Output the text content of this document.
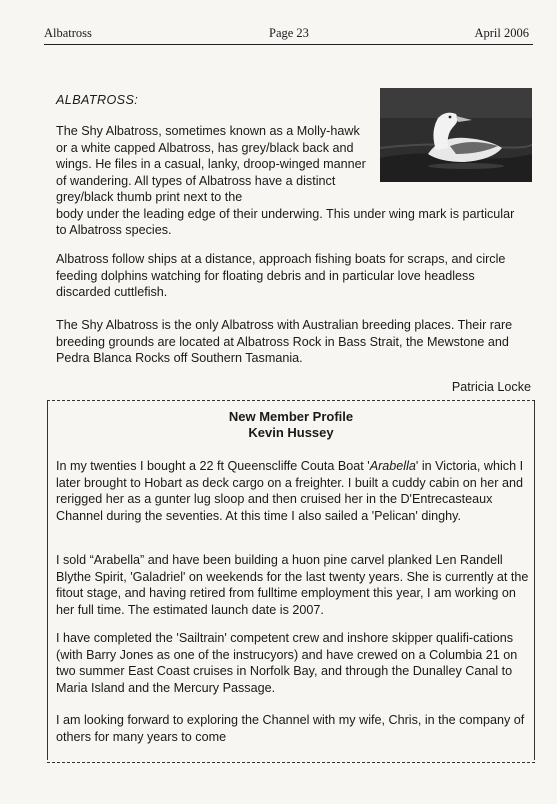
Albatross	Page 23	April 2006
ALBATROSS:
The Shy Albatross, sometimes known as a Molly-hawk or a white capped Albatross, has grey/black back and wings. He files in a casual, lanky, droop-winged manner of wandering. All types of Albatross have a distinct grey/black thumb print next to the
body under the leading edge of their underwing. This under wing mark is particular to Albatross species.

Albatross follow ships at a distance, approach fishing boats for scraps, and circle feeding dolphins watching for floating debris and in particular love headless discarded cuttlefish.

The Shy Albatross is the only Albatross with Australian breeding places. Their rare breeding grounds are located at Albatross Rock in Bass Strait, the Mewstone and Pedra Blanca Rocks off Southern Tasmania.

Patricia Locke
New Member Profile
Kevin Hussey

In my twenties I bought a 22 ft Queenscliffe Couta Boat 'Arabella' in Victoria, which I later brought to Hobart as deck cargo on a freighter. I built a cuddy cabin on her and rerigged her as a gunter lug sloop and then cruised her in the D'Entrecasteaux Channel during the seventies. At this time I also sailed a 'Pelican' dinghy.

I sold “Arabella” and have been building a huon pine carvel planked Len Randell Blythe Spirit, 'Galadriel' on weekends for the last twenty years. She is currently at the fitout stage, and having retired from fulltime employment this year, I am working on her full time. The estimated launch date is 2007.

I have completed the 'Sailtrain' competent crew and inshore skipper qualifi-cations (with Barry Jones as one of the instrucyors) and have crewed on a Columbia 21 on two summer East Coast cruises in Norfolk Bay, and through the Dunalley Canal to Maria Island and the Mercury Passage.

I am looking forward to exploring the Channel with my wife, Chris, in the company of others for many years to come
